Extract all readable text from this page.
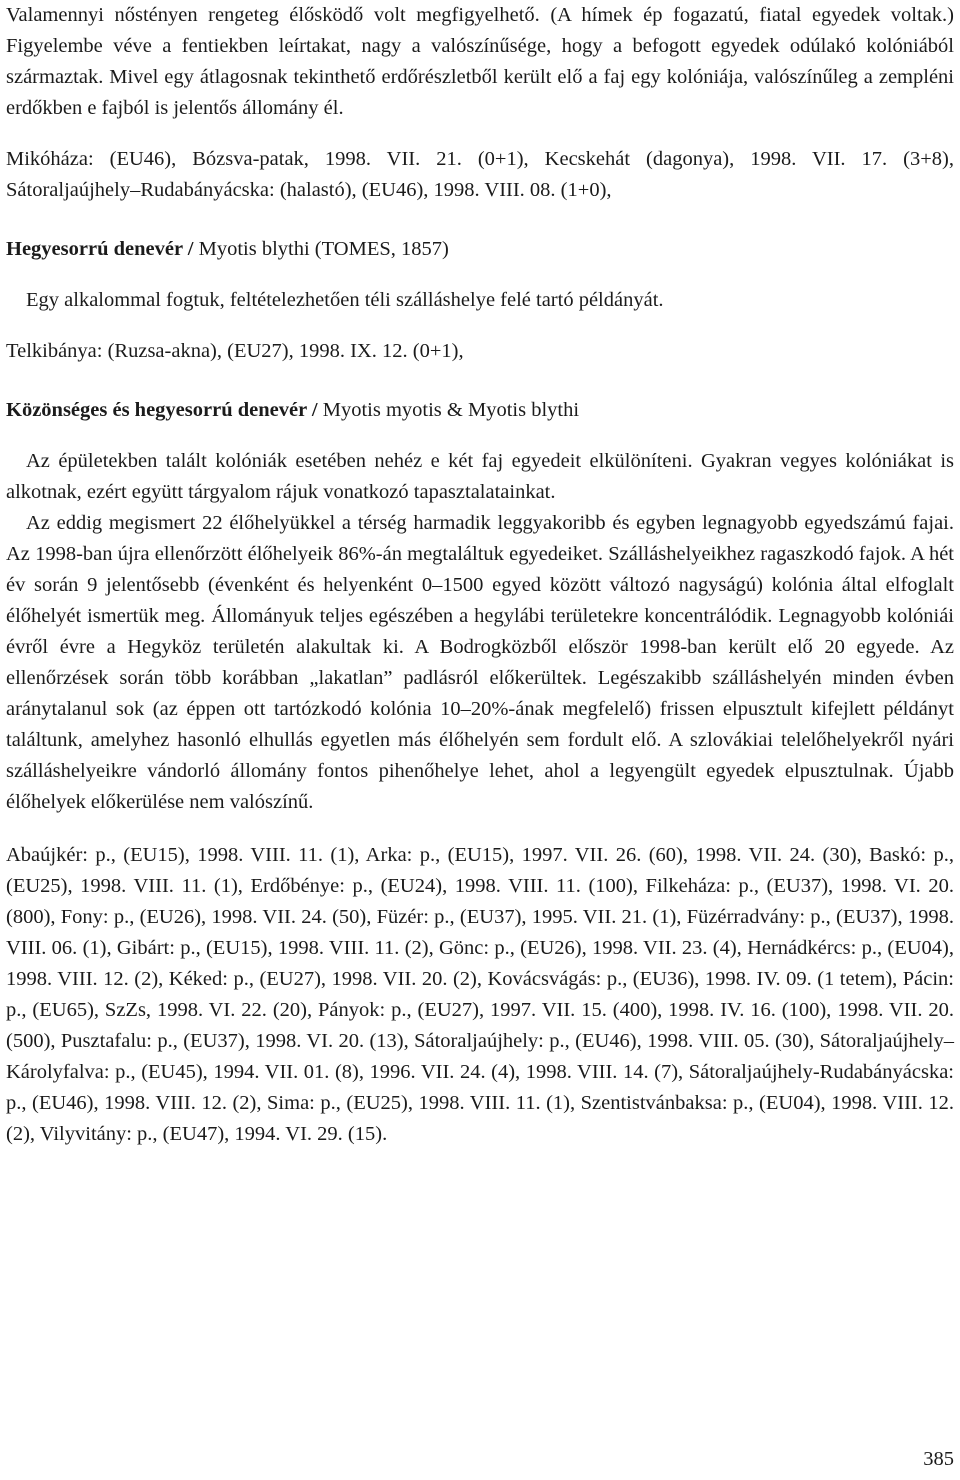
Valamennyi nőstényen rengeteg élősködő volt megfigyelhető. (A hímek ép fogazatú, fiatal egyedek voltak.) Figyelembe véve a fentiekben leírtakat, nagy a valószínűsége, hogy a befogott egyedek odúlakó kolóniából származtak. Mivel egy átlagosnak tekinthető erdőrészletből került elő a faj egy kolóniája, valószínűleg a zempléni erdőkben e fajból is jelentős állomány él.

Mikóháza: (EU46), Bózsva-patak, 1998. VII. 21. (0+1), Kecskehát (dagonya), 1998. VII. 17. (3+8), Sátoraljaújhely–Rudabányácska: (halastó), (EU46), 1998. VIII. 08. (1+0),

Hegyesorrú denevér / Myotis blythi (TOMES, 1857)

Egy alkalommal fogtuk, feltételezhetően téli szálláshelye felé tartó példányát.

Telkibánya: (Ruzsa-akna), (EU27), 1998. IX. 12. (0+1),

Közönséges és hegyesorrú denevér / Myotis myotis & Myotis blythi

Az épületekben talált kolóniák esetében nehéz e két faj egyedeit elkülöníteni. Gyakran vegyes kolóniákat is alkotnak, ezért együtt tárgyalom rájuk vonatkozó tapasztalatainkat.

Az eddig megismert 22 élőhelyükkel a térség harmadik leggyakoribb és egyben legnagyobb egyedszámú fajai. Az 1998-ban újra ellenőrzött élőhelyeik 86%-án megtaláltuk egyedeiket. Szálláshelyeikhez ragaszkodó fajok. A hét év során 9 jelentősebb (évenként és helyenként 0–1500 egyed között változó nagyságú) kolónia által elfoglalt élőhelyét ismertük meg. Állományuk teljes egészében a hegylábi területekre koncentrálódik. Legnagyobb kolóniái évről évre a Hegyköz területén alakultak ki. A Bodrogközből először 1998-ban került elő 20 egyede. Az ellenőrzések során több korábban „lakatlan” padlásról előkerültek. Legészakibb szálláshelyén minden évben aránytalanul sok (az éppen ott tartózkodó kolónia 10–20%-ának megfelelő) frissen elpusztult kifejlett példányt találtunk, amelyhez hasonló elhullás egyetlen más élőhelyén sem fordult elő. A szlovákiai telelőhelyekről nyári szálláshelyeikre vándorló állomány fontos pihenőhelye lehet, ahol a legyengült egyedek elpusztulnak. Újabb élőhelyek előkerülése nem valószínű.

Abaújkér: p., (EU15), 1998. VIII. 11. (1), Arka: p., (EU15), 1997. VII. 26. (60), 1998. VII. 24. (30), Baskó: p., (EU25), 1998. VIII. 11. (1), Erdőbénye: p., (EU24), 1998. VIII. 11. (100), Filkeháza: p., (EU37), 1998. VI. 20. (800), Fony: p., (EU26), 1998. VII. 24. (50), Füzér: p., (EU37), 1995. VII. 21. (1), Füzérradvány: p., (EU37), 1998. VIII. 06. (1), Gibárt: p., (EU15), 1998. VIII. 11. (2), Gönc: p., (EU26), 1998. VII. 23. (4), Hernádkércs: p., (EU04), 1998. VIII. 12. (2), Kéked: p., (EU27), 1998. VII. 20. (2), Kovácsvágás: p., (EU36), 1998. IV. 09. (1 tetem), Pácin: p., (EU65), SzZs, 1998. VI. 22. (20), Pányok: p., (EU27), 1997. VII. 15. (400), 1998. IV. 16. (100), 1998. VII. 20. (500), Pusztafalu: p., (EU37), 1998. VI. 20. (13), Sátoraljaújhely: p., (EU46), 1998. VIII. 05. (30), Sátoraljaújhely–Károlyfalva: p., (EU45), 1994. VII. 01. (8), 1996. VII. 24. (4), 1998. VIII. 14. (7), Sátoraljaújhely-Rudabányácska: p., (EU46), 1998. VIII. 12. (2), Sima: p., (EU25), 1998. VIII. 11. (1), Szentistvánbaksa: p., (EU04), 1998. VIII. 12. (2), Vilyvitány: p., (EU47), 1994. VI. 29. (15).

385
